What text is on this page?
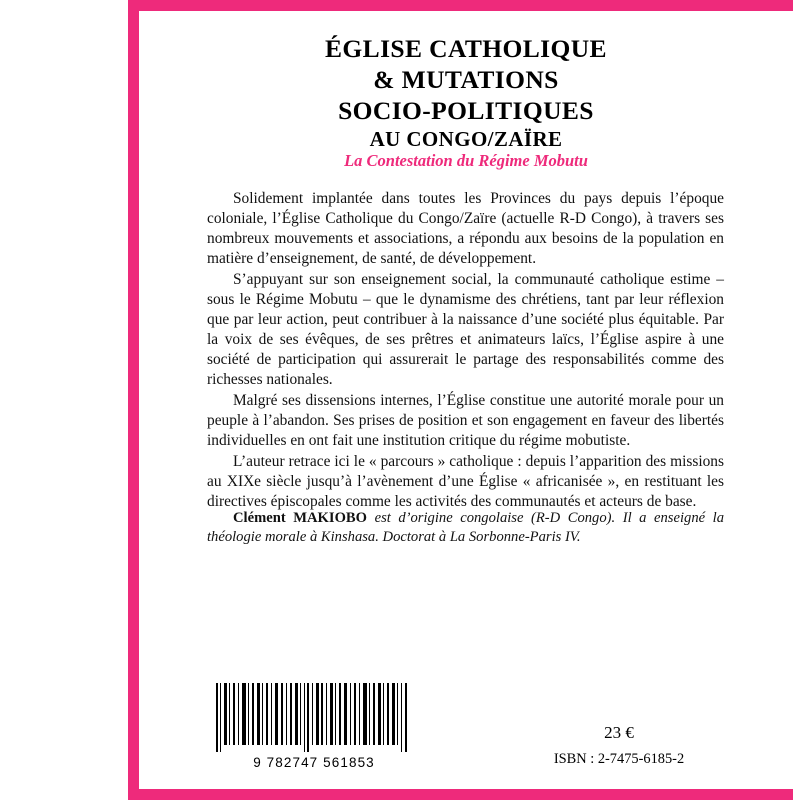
ÉGLISE CATHOLIQUE
& MUTATIONS
SOCIO-POLITIQUES
AU CONGO/ZAÏRE
La Contestation du Régime Mobutu

Solidement implantée dans toutes les Provinces du pays depuis l’époque coloniale, l’Église Catholique du Congo/Zaïre (actuelle R-D Congo), à travers ses nombreux mouvements et associations, a répondu aux besoins de la population en matière d’enseignement, de santé, de développement.

S’appuyant sur son enseignement social, la communauté catholique estime – sous le Régime Mobutu – que le dynamisme des chrétiens, tant par leur réflexion que par leur action, peut contribuer à la naissance d’une société plus équitable. Par la voix de ses évêques, de ses prêtres et animateurs laïcs, l’Église aspire à une société de participation qui assurerait le partage des responsabilités comme des richesses nationales.

Malgré ses dissensions internes, l’Église constitue une autorité morale pour un peuple à l’abandon. Ses prises de position et son engagement en faveur des libertés individuelles en ont fait une institution critique du régime mobutiste.

L’auteur retrace ici le « parcours » catholique : depuis l’apparition des missions au XIXe siècle jusqu’à l’avènement d’une Église « africanisée », en restituant les directives épiscopales comme les activités des communautés et acteurs de base.

Clément MAKIOBO est d’origine congolaise (R-D Congo). Il a enseigné la théologie morale à Kinshasa. Doctorat à La Sorbonne-Paris IV.
9 782747 561853
23 €
ISBN : 2-7475-6185-2
